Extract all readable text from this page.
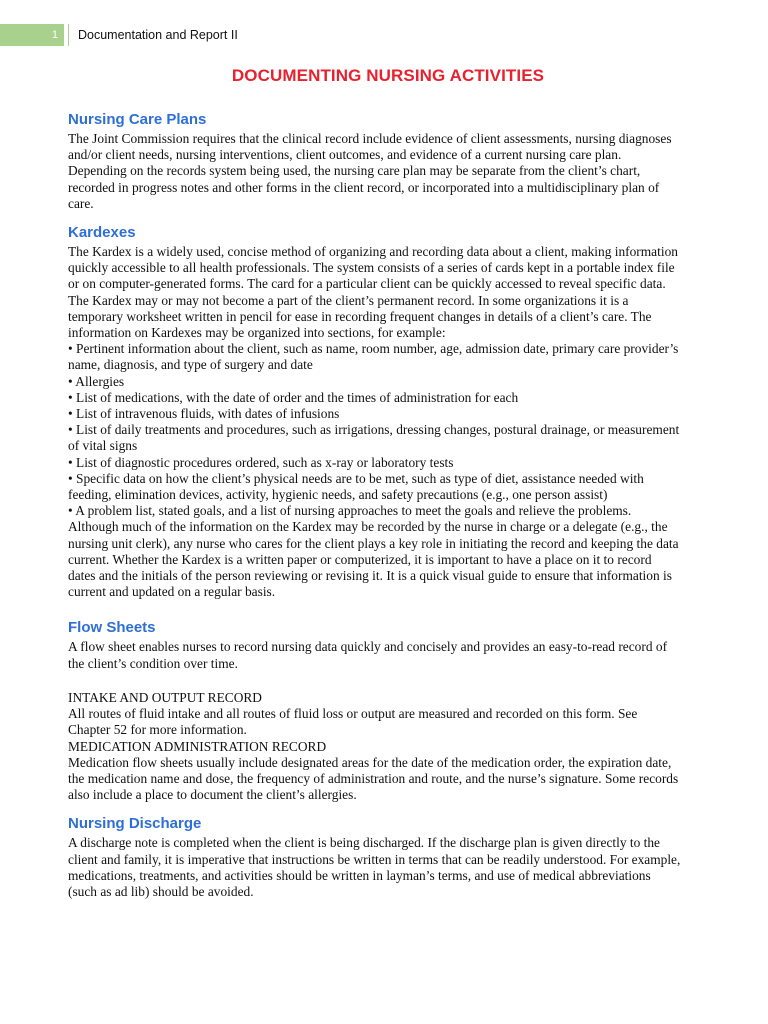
1	Documentation and Report II
DOCUMENTING NURSING ACTIVITIES
Nursing Care Plans
The Joint Commission requires that the clinical record include evidence of client assessments, nursing diagnoses
and/or client needs, nursing interventions, client outcomes, and evidence of a current nursing care plan.
Depending on the records system being used, the nursing care plan may be separate from the client’s chart,
recorded in progress notes and other forms in the client record, or incorporated into a multidisciplinary plan of
care.
Kardexes
The Kardex is a widely used, concise method of organizing and recording data about a client, making information
quickly accessible to all health professionals. The system consists of a series of cards kept in a portable index file
or on computer-generated forms. The card for a particular client can be quickly accessed to reveal specific data.
The Kardex may or may not become a part of the client’s permanent record. In some organizations it is a
temporary worksheet written in pencil for ease in recording frequent changes in details of a client’s care. The
information on Kardexes may be organized into sections, for example:
• Pertinent information about the client, such as name, room number, age, admission date, primary care provider’s
name, diagnosis, and type of surgery and date
• Allergies
• List of medications, with the date of order and the times of administration for each
• List of intravenous fluids, with dates of infusions
• List of daily treatments and procedures, such as irrigations, dressing changes, postural drainage, or measurement
of vital signs
• List of diagnostic procedures ordered, such as x-ray or laboratory tests
• Specific data on how the client’s physical needs are to be met, such as type of diet, assistance needed with
feeding, elimination devices, activity, hygienic needs, and safety precautions (e.g., one person assist)
• A problem list, stated goals, and a list of nursing approaches to meet the goals and relieve the problems.
Although much of the information on the Kardex may be recorded by the nurse in charge or a delegate (e.g., the
nursing unit clerk), any nurse who cares for the client plays a key role in initiating the record and keeping the data
current. Whether the Kardex is a written paper or computerized, it is important to have a place on it to record
dates and the initials of the person reviewing or revising it. It is a quick visual guide to ensure that information is
current and updated on a regular basis.
Flow Sheets
A flow sheet enables nurses to record nursing data quickly and concisely and provides an easy-to-read record of
the client’s condition over time.
INTAKE AND OUTPUT RECORD
All routes of fluid intake and all routes of fluid loss or output are measured and recorded on this form. See
Chapter 52 for more information.
MEDICATION ADMINISTRATION RECORD
Medication flow sheets usually include designated areas for the date of the medication order, the expiration date,
the medication name and dose, the frequency of administration and route, and the nurse’s signature. Some records
also include a place to document the client’s allergies.
Nursing Discharge
A discharge note is completed when the client is being discharged. If the discharge plan is given directly to the
client and family, it is imperative that instructions be written in terms that can be readily understood. For example,
medications, treatments, and activities should be written in layman’s terms, and use of medical abbreviations
(such as ad lib) should be avoided.
